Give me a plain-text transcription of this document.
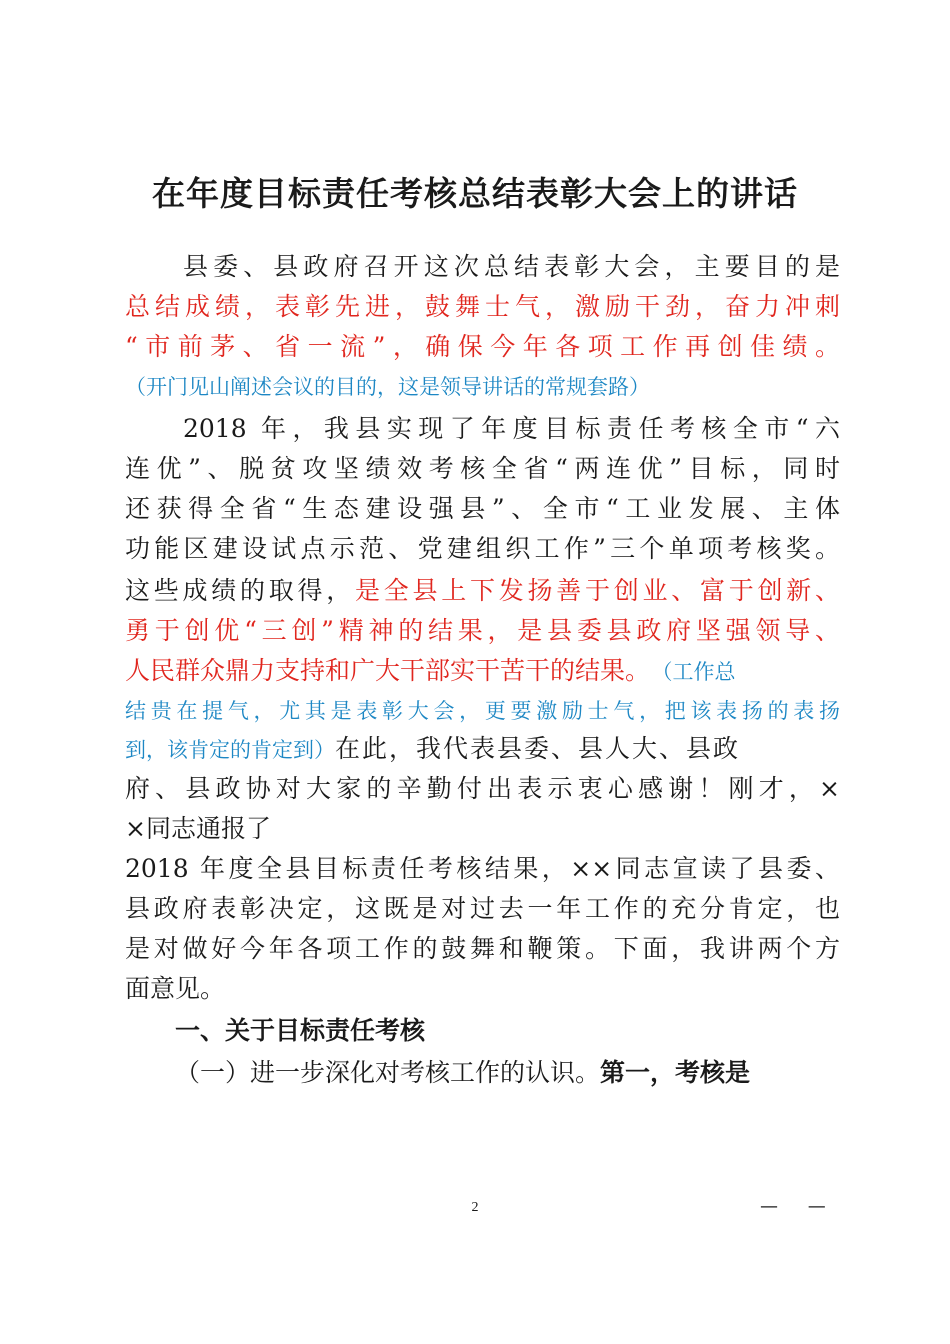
在年度目标责任考核总结表彰大会上的讲话
县委、县政府召开这次总结表彰大会，主要目的是
总结成绩，表彰先进，鼓舞士气，激励干劲，奋力冲刺
“市前茅、省一流”，确保今年各项工作再创佳绩。
（开门见山阐述会议的目的，这是领导讲话的常规套路）
2018 年，我县实现了年度目标责任考核全市“六
连优”、脱贫攻坚绩效考核全省“两连优”目标，同时
还获得全省“生态建设强县”、全市“工业发展、主体
功能区建设试点示范、党建组织工作”三个单项考核奖。
这些成绩的取得，是全县上下发扬善于创业、富于创新、
勇于创优“三创”精神的结果，是县委县政府坚强领导、
人民群众鼎力支持和广大干部实干苦干的结果。 （工作总
结贵在提气，尤其是表彰大会，更要激励士气，把该表扬的表扬
到，该肯定的肯定到）在此，我代表县委、县人大、县政
府、县政协对大家的辛勤付出表示衷心感谢！刚才，×
×同志通报了
2018 年度全县目标责任考核结果，××同志宣读了县委、
县政府表彰决定，这既是对过去一年工作的充分肯定，也
是对做好今年各项工作的鼓舞和鞭策。下面，我讲两个方
面意见。
一、关于目标责任考核
（一）进一步深化对考核工作的认识。第一，考核是
2	— —
